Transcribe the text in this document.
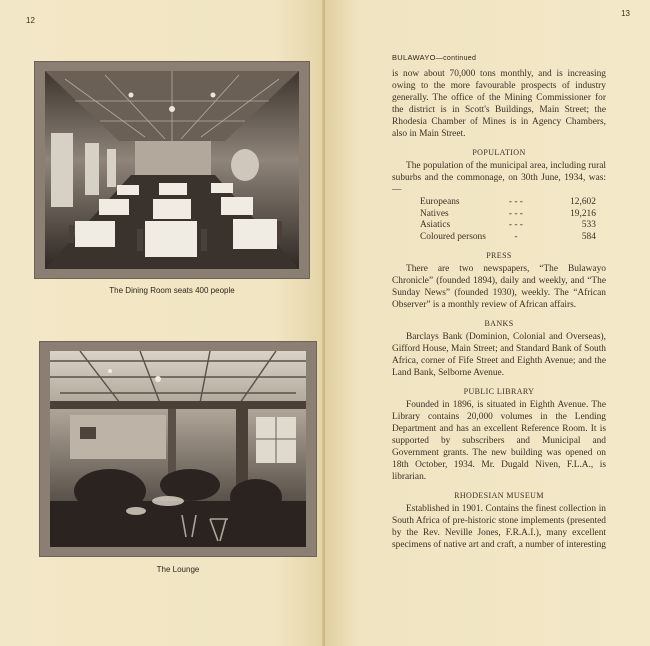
12
The Dining Room seats 400 people
The Lounge
13
BULAWAYO—continued

is now about 70,000 tons monthly, and is increasing owing to the more favourable prospects of industry generally. The office of the Mining Commissioner for the district is in Scott's Buildings, Main Street; the Rhodesia Chamber of Mines is in Agency Chambers, also in Main Street.

POPULATION

The population of the municipal area, including rural suburbs and the commonage, on 30th June, 1934, was:—

Europeans	- - -	12,602
Natives	- - -	19,216
Asiatics	- - -	533
Coloured persons	-	584
PRESS

There are two newspapers, “The Bulawayo Chronicle” (founded 1894), daily and weekly, and “The Sunday News” (founded 1930), weekly. The “African Observer” is a monthly review of African affairs.

BANKS

Barclays Bank (Dominion, Colonial and Overseas), Gifford House, Main Street; and Standard Bank of South Africa, corner of Fife Street and Eighth Avenue; and the Land Bank, Selborne Avenue.

PUBLIC LIBRARY

Founded in 1896, is situated in Eighth Avenue. The Library contains 20,000 volumes in the Lending Department and has an excellent Reference Room. It is supported by subscribers and Municipal and Government grants. The new building was opened on 18th October, 1934. Mr. Dugald Niven, F.L.A., is librarian.

RHODESIAN MUSEUM

Established in 1901. Contains the finest collection in South Africa of pre-historic stone implements (presented by the Rev. Neville Jones, F.R.A.I.), many excellent specimens of native art and craft, a number of interesting
